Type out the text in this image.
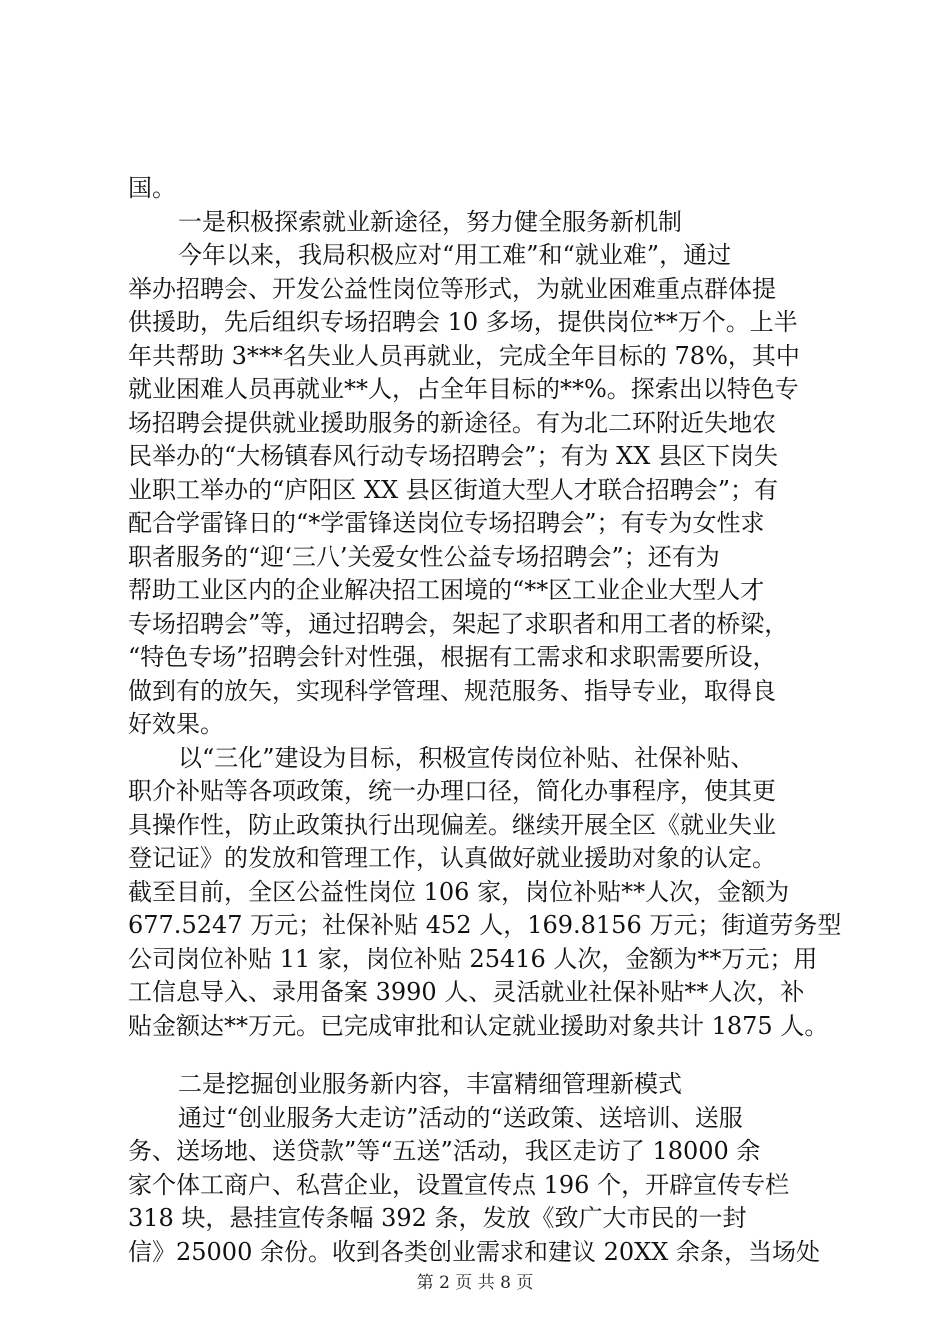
国。
一是积极探索就业新途径，努力健全服务新机制
今年以来，我局积极应对“用工难”和“就业难”，通过
举办招聘会、开发公益性岗位等形式，为就业困难重点群体提
供援助，先后组织专场招聘会 10 多场，提供岗位**万个。上半
年共帮助 3***名失业人员再就业，完成全年目标的 78%，其中
就业困难人员再就业**人，占全年目标的**%。探索出以特色专
场招聘会提供就业援助服务的新途径。有为北二环附近失地农
民举办的“大杨镇春风行动专场招聘会”；有为 XX 县区下岗失
业职工举办的“庐阳区 XX 县区街道大型人才联合招聘会”；有
配合学雷锋日的“*学雷锋送岗位专场招聘会”；有专为女性求
职者服务的“迎‘三八’关爱女性公益专场招聘会”；还有为
帮助工业区内的企业解决招工困境的“**区工业企业大型人才
专场招聘会”等，通过招聘会，架起了求职者和用工者的桥梁，
“特色专场”招聘会针对性强，根据有工需求和求职需要所设，
做到有的放矢，实现科学管理、规范服务、指导专业，取得良
好效果。
以“三化”建设为目标，积极宣传岗位补贴、社保补贴、
职介补贴等各项政策，统一办理口径，简化办事程序，使其更
具操作性，防止政策执行出现偏差。继续开展全区《就业失业
登记证》的发放和管理工作，认真做好就业援助对象的认定。
截至目前，全区公益性岗位 106 家，岗位补贴**人次，金额为
677.5247 万元；社保补贴 452 人，169.8156 万元；街道劳务型
公司岗位补贴 11 家，岗位补贴 25416 人次，金额为**万元；用
工信息导入、录用备案 3990 人、灵活就业社保补贴**人次，补
贴金额达**万元。已完成审批和认定就业援助对象共计 1875 人。
二是挖掘创业服务新内容，丰富精细管理新模式
通过“创业服务大走访”活动的“送政策、送培训、送服
务、送场地、送贷款”等“五送”活动，我区走访了 18000 余
家个体工商户、私营企业，设置宣传点 196 个，开辟宣传专栏
318 块，悬挂宣传条幅 392 条，发放《致广大市民的一封
信》25000 余份。收到各类创业需求和建议 20XX 余条，当场处
第 2 页 共 8 页
